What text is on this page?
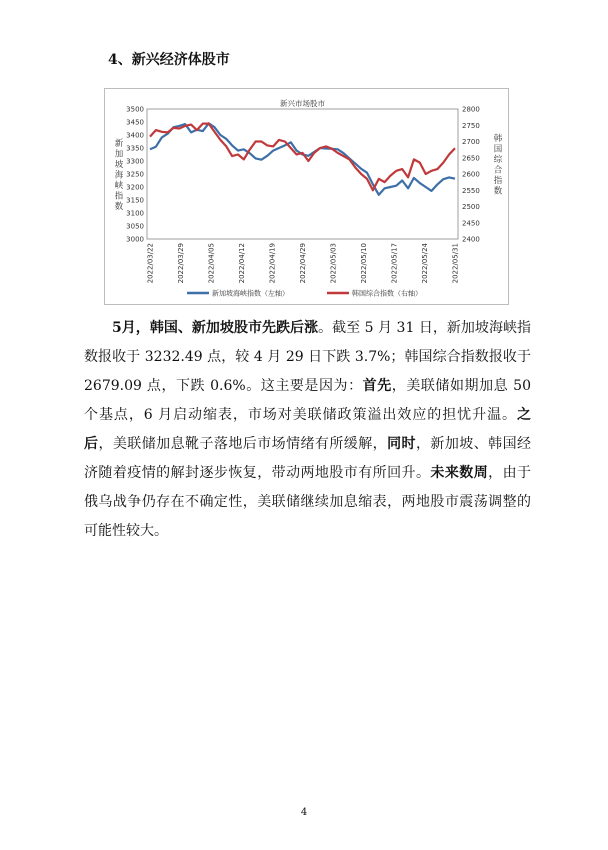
4、新兴经济体股市
新兴市场股市
3000
3050
3100
3150
3200
3250
3300
3350
3400
3450
3500
2400
2450
2500
2550
2600
2650
2700
2750
2800
新
加
坡
海
峡
指
数
韩
国
综
合
指
数
2022/03/22	2022/03/29	2022/04/05	2022/04/12	2022/04/19	2022/04/29	2022/05/03	2022/05/10	2022/05/17	2022/05/24	2022/05/31
新加坡海峡指数（左轴）	韩国综合指数（右轴）
5月，韩国、新加坡股市先跌后涨。截至 5 月 31 日，新加坡海峡指数报收于 3232.49 点，较 4 月 29 日下跌 3.7%；韩国综合指数报收于 2679.09 点，下跌 0.6%。这主要是因为：首先，美联储如期加息 50 个基点，6 月启动缩表，市场对美联储政策溢出效应的担忧升温。之后，美联储加息靴子落地后市场情绪有所缓解，同时，新加坡、韩国经济随着疫情的解封逐步恢复，带动两地股市有所回升。未来数周，由于俄乌战争仍存在不确定性，美联储继续加息缩表，两地股市震荡调整的可能性较大。
4
